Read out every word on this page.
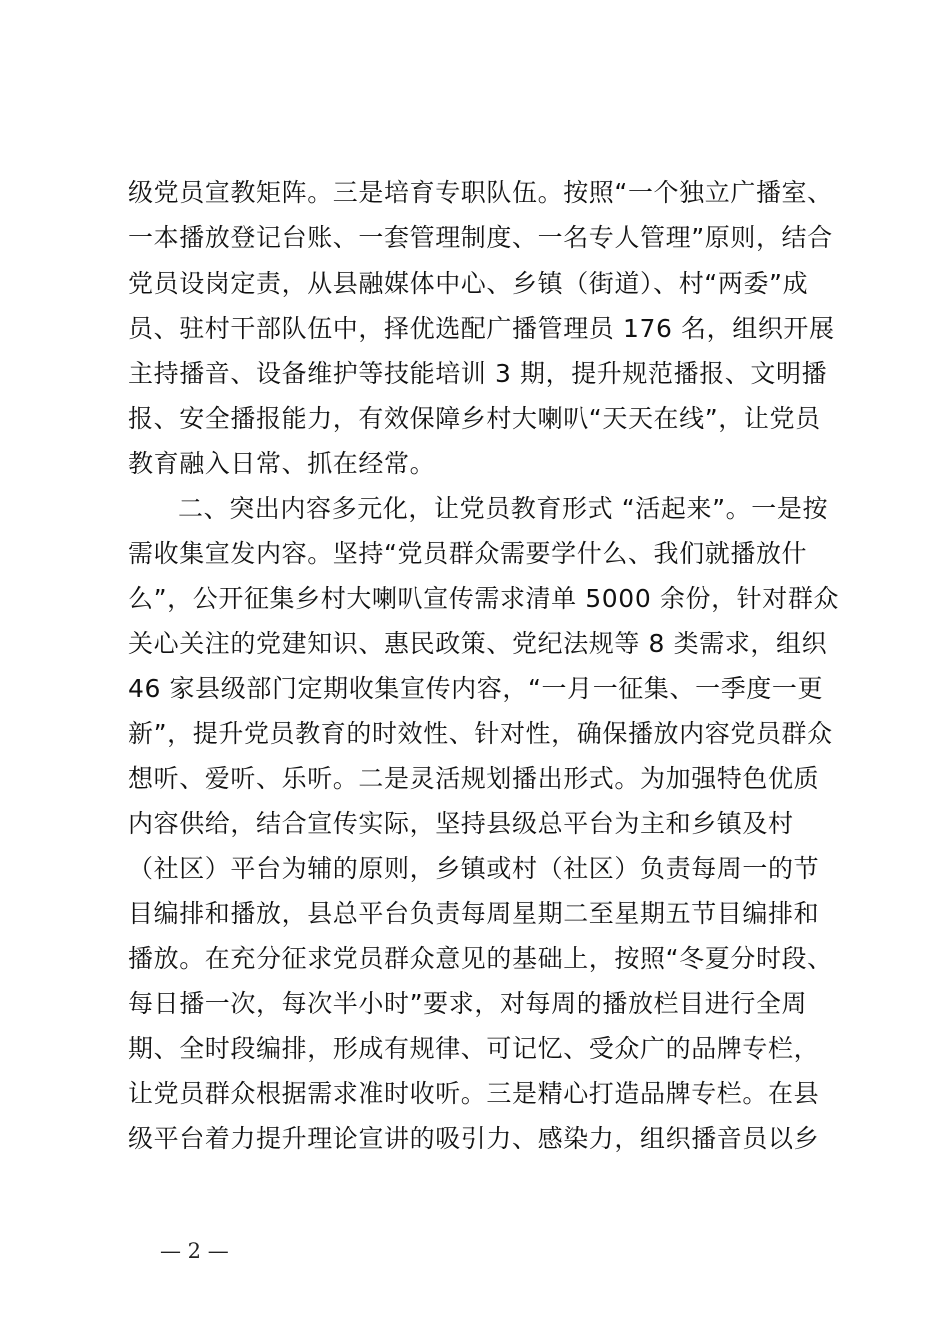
级党员宣教矩阵。三是培育专职队伍。按照“一个独立广播室、
一本播放登记台账、一套管理制度、一名专人管理”原则，结合
党员设岗定责，从县融媒体中心、乡镇（街道）、村“两委”成
员、驻村干部队伍中，择优选配广播管理员 176 名，组织开展
主持播音、设备维护等技能培训 3 期，提升规范播报、文明播
报、安全播报能力，有效保障乡村大喇叭“天天在线”，让党员
教育融入日常、抓在经常。
二、突出内容多元化，让党员教育形式 “活起来”。一是按
需收集宣发内容。坚持“党员群众需要学什么、我们就播放什
么”，公开征集乡村大喇叭宣传需求清单 5000 余份，针对群众
关心关注的党建知识、惠民政策、党纪法规等 8 类需求，组织
46 家县级部门定期收集宣传内容，“一月一征集、一季度一更
新”，提升党员教育的时效性、针对性，确保播放内容党员群众
想听、爱听、乐听。二是灵活规划播出形式。为加强特色优质
内容供给，结合宣传实际，坚持县级总平台为主和乡镇及村
（社区）平台为辅的原则，乡镇或村（社区）负责每周一的节
目编排和播放，县总平台负责每周星期二至星期五节目编排和
播放。在充分征求党员群众意见的基础上，按照“冬夏分时段、
每日播一次，每次半小时”要求，对每周的播放栏目进行全周
期、全时段编排，形成有规律、可记忆、受众广的品牌专栏，
让党员群众根据需求准时收听。三是精心打造品牌专栏。在县
级平台着力提升理论宣讲的吸引力、感染力，组织播音员以乡
— 2 —
